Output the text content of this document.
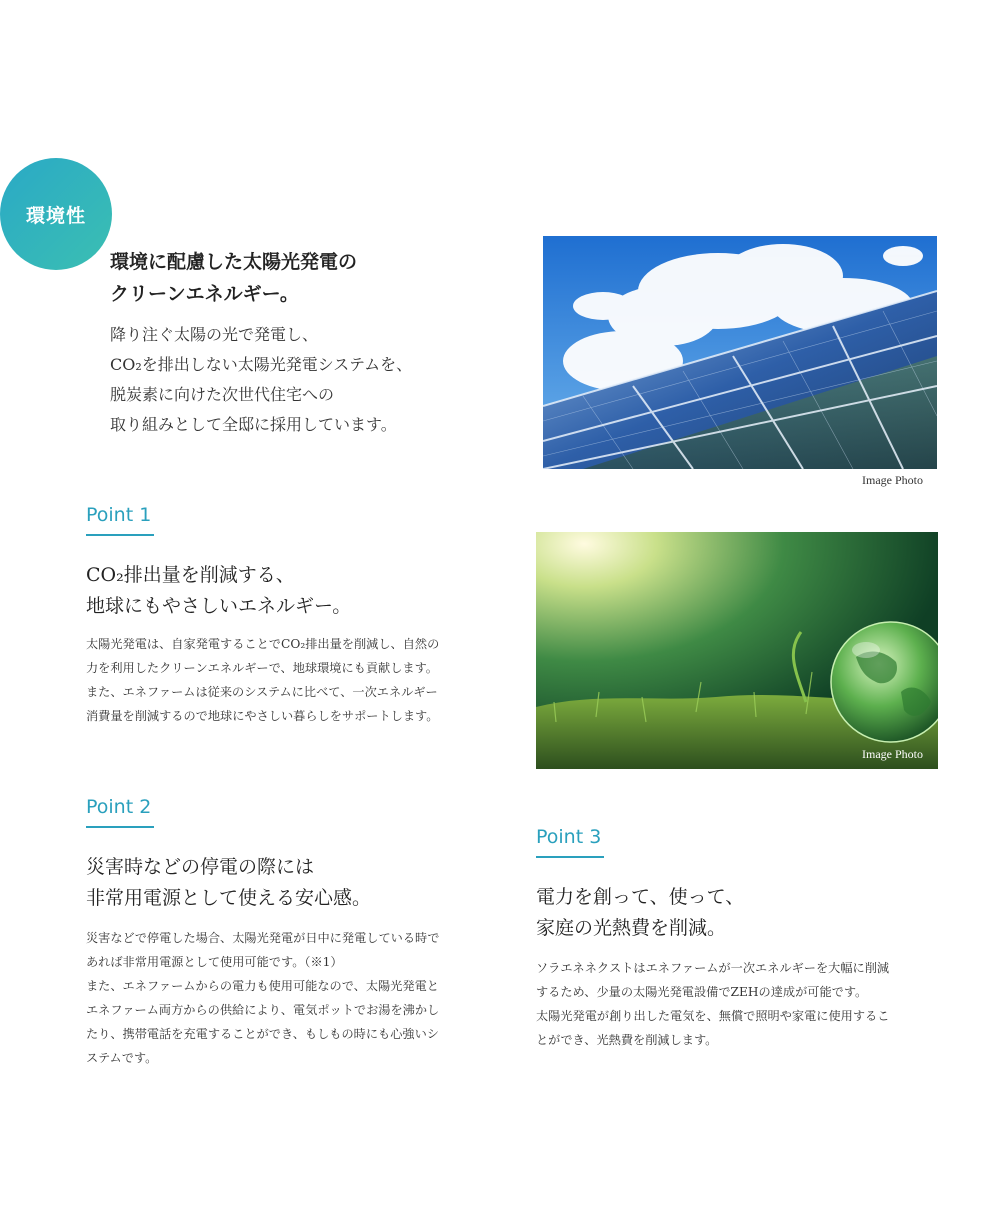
環境性
環境に配慮した太陽光発電の
クリーンエネルギー。
降り注ぐ太陽の光で発電し、
CO₂を排出しない太陽光発電システムを、
脱炭素に向けた次世代住宅への
取り組みとして全邸に採用しています。
Image Photo
Image Photo
Point 1
CO₂排出量を削減する、
地球にもやさしいエネルギー。
太陽光発電は、自家発電することでCO₂排出量を削減し、自然の
力を利用したクリーンエネルギーで、地球環境にも貢献します。
また、エネファームは従来のシステムに比べて、一次エネルギー
消費量を削減するので地球にやさしい暮らしをサポートします。
Point 2
災害時などの停電の際には
非常用電源として使える安心感。
災害などで停電した場合、太陽光発電が日中に発電している時で
あれば非常用電源として使用可能です。（※1）
また、エネファームからの電力も使用可能なので、太陽光発電と
エネファーム両方からの供給により、電気ポットでお湯を沸かし
たり、携帯電話を充電することができ、もしもの時にも心強いシ
ステムです。
Point 3
電力を創って、使って、
家庭の光熱費を削減。
ソラエネネクストはエネファームが一次エネルギーを大幅に削減
するため、少量の太陽光発電設備でZEHの達成が可能です。
太陽光発電が創り出した電気を、無償で照明や家電に使用するこ
とができ、光熱費を削減します。
